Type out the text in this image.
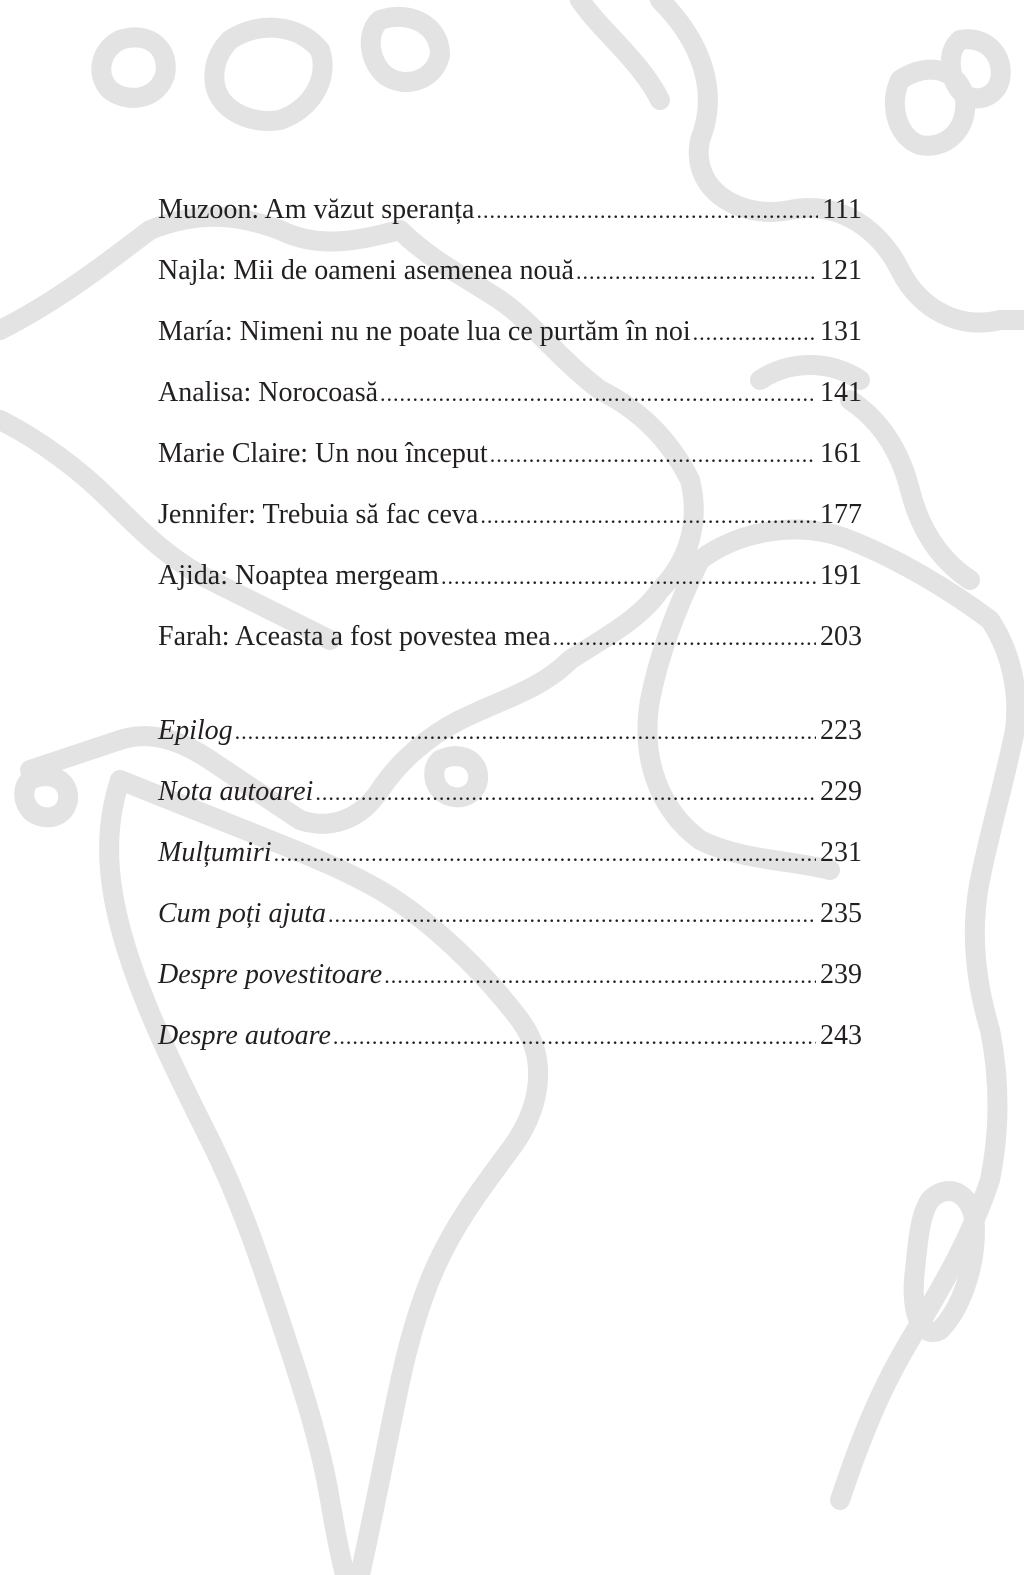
Muzoon: Am văzut speranța .....	111
Najla: Mii de oameni asemenea nouă .....	121
María: Nimeni nu ne poate lua ce purtăm în noi .....	131
Analisa: Norocoasă .....	141
Marie Claire: Un nou început .....	161
Jennifer: Trebuia să fac ceva .....	177
Ajida: Noaptea mergeam .....	191
Farah: Aceasta a fost povestea mea .....	203
Epilog .....	223
Nota autoarei .....	229
Mulțumiri .....	231
Cum poți ajuta .....	235
Despre povestitoare .....	239
Despre autoare .....	243
